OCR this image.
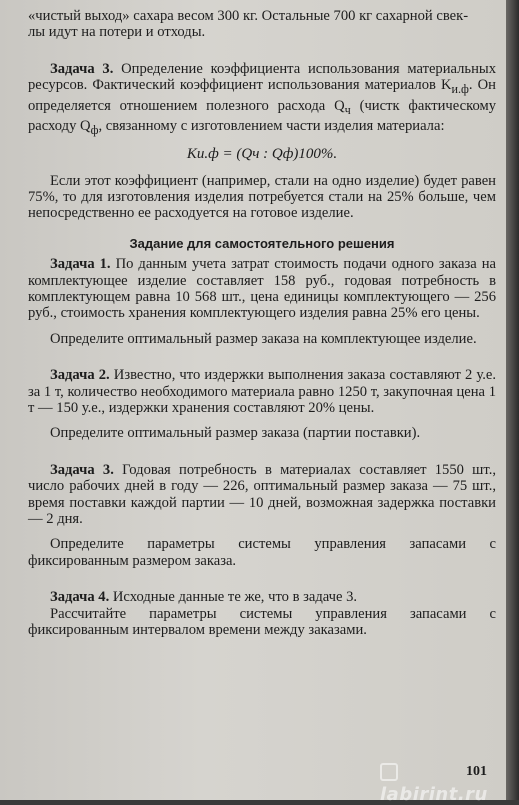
«чистый выход» сахара весом 300 кг. Остальные 700 кг сахарной свек-

лы идут на потери и отходы.

Задача 3. Определение коэффициента использования материальных ресурсов. Фактический коэффициент использования материалов $K_{и.ф}$. Он определяется отношением полезного расхода $Q_ч$ (чистк фактическому расходу $Q_ф$, связанному с изготовлением части изделия материала:

Kи.ф = (Qч : Qф)100%.

Если этот коэффициент (например, стали на одно изделие) будет равен 75%, то для изготовления изделия потребуется стали на 25% больше, чем непосредственно ее расходуется на готовое изделие.

Задание для самостоятельного решения

Задача 1. По данным учета затрат стоимость подачи одного заказа на комплектующее изделие составляет 158 руб., годовая потребность в комплектующем равна 10 568 шт., цена единицы комплектующего — 256 руб., стоимость хранения комплектующего изделия равна 25% его цены.

Определите оптимальный размер заказа на комплектующее изделие.

Задача 2. Известно, что издержки выполнения заказа составляют 2 у.е. за 1 т, количество необходимого материала равно 1250 т, закупочная цена 1 т — 150 у.е., издержки хранения составляют 20% цены.

Определите оптимальный размер заказа (партии поставки).

Задача 3. Годовая потребность в материалах составляет 1550 шт., число рабочих дней в году — 226, оптимальный размер заказа — 75 шт., время поставки каждой партии — 10 дней, возможная задержка поставки — 2 дня.

Определите параметры системы управления запасами с фиксированным размером заказа.

Задача 4. Исходные данные те же, что в задаче 3.

Рассчитайте параметры системы управления запасами с фиксированным интервалом времени между заказами.

labirint.ru
101
